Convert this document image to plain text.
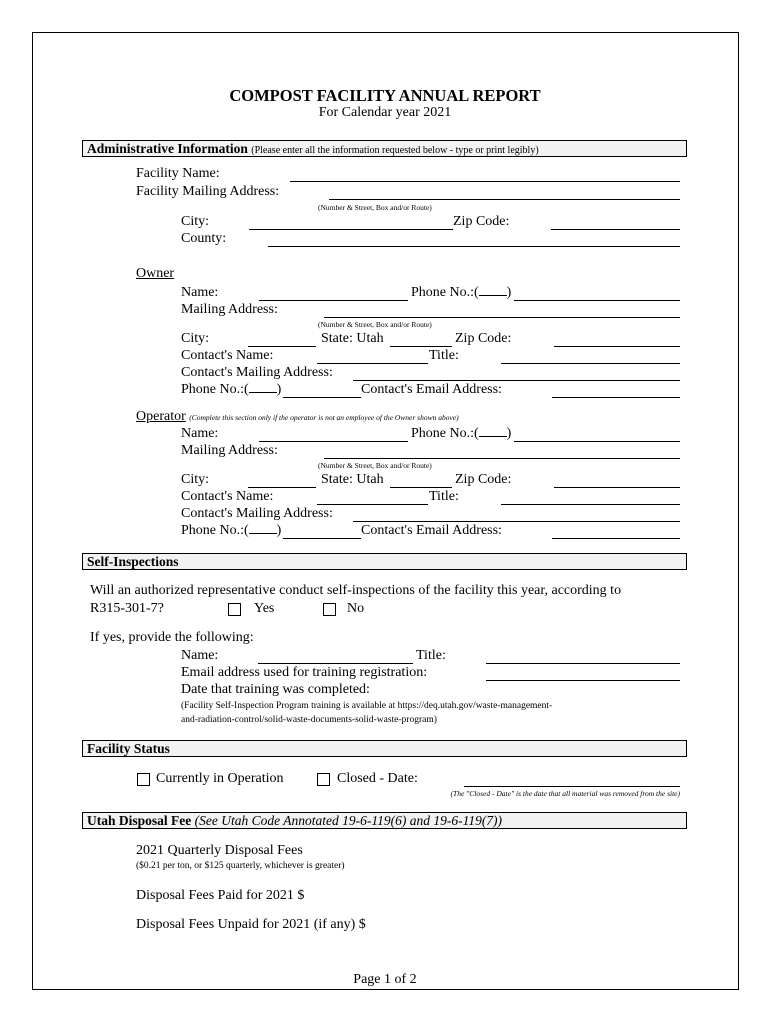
COMPOST FACILITY ANNUAL REPORT
For Calendar year 2021
Administrative Information (Please enter all the information requested below - type or print legibly)
Facility Name:
Facility Mailing Address:
(Number & Street, Box and/or Route)
City:	Zip Code:
County:
Owner
Name:	Phone No.:( )
Mailing Address:
(Number & Street, Box and/or Route)
City:	State: Utah	Zip Code:
Contact's Name:	Title:
Contact's Mailing Address:
Phone No.:( )	Contact's Email Address:
Operator (Complete this section only if the operator is not an employee of the Owner shown above)
Name:	Phone No.:( )
Mailing Address:
(Number & Street, Box and/or Route)
City:	State: Utah	Zip Code:
Contact's Name:	Title:
Contact's Mailing Address:
Phone No.:( )	Contact's Email Address:
Self-Inspections
Will an authorized representative conduct self-inspections of the facility this year, according to
R315-301-7?	Yes	No
If yes, provide the following:
Name:	Title:
Email address used for training registration:
Date that training was completed:
(Facility Self-Inspection Program training is available at https://deq.utah.gov/waste-management-
and-radiation-control/solid-waste-documents-solid-waste-program)
Facility Status
Currently in Operation	Closed - Date:
(The "Closed - Date" is the date that all material was removed from the site)
Utah Disposal Fee (See Utah Code Annotated 19-6-119(6) and 19-6-119(7))
2021 Quarterly Disposal Fees
($0.21 per ton, or $125 quarterly, whichever is greater)
Disposal Fees Paid for 2021 $
Disposal Fees Unpaid for 2021 (if any) $
Page 1 of 2
